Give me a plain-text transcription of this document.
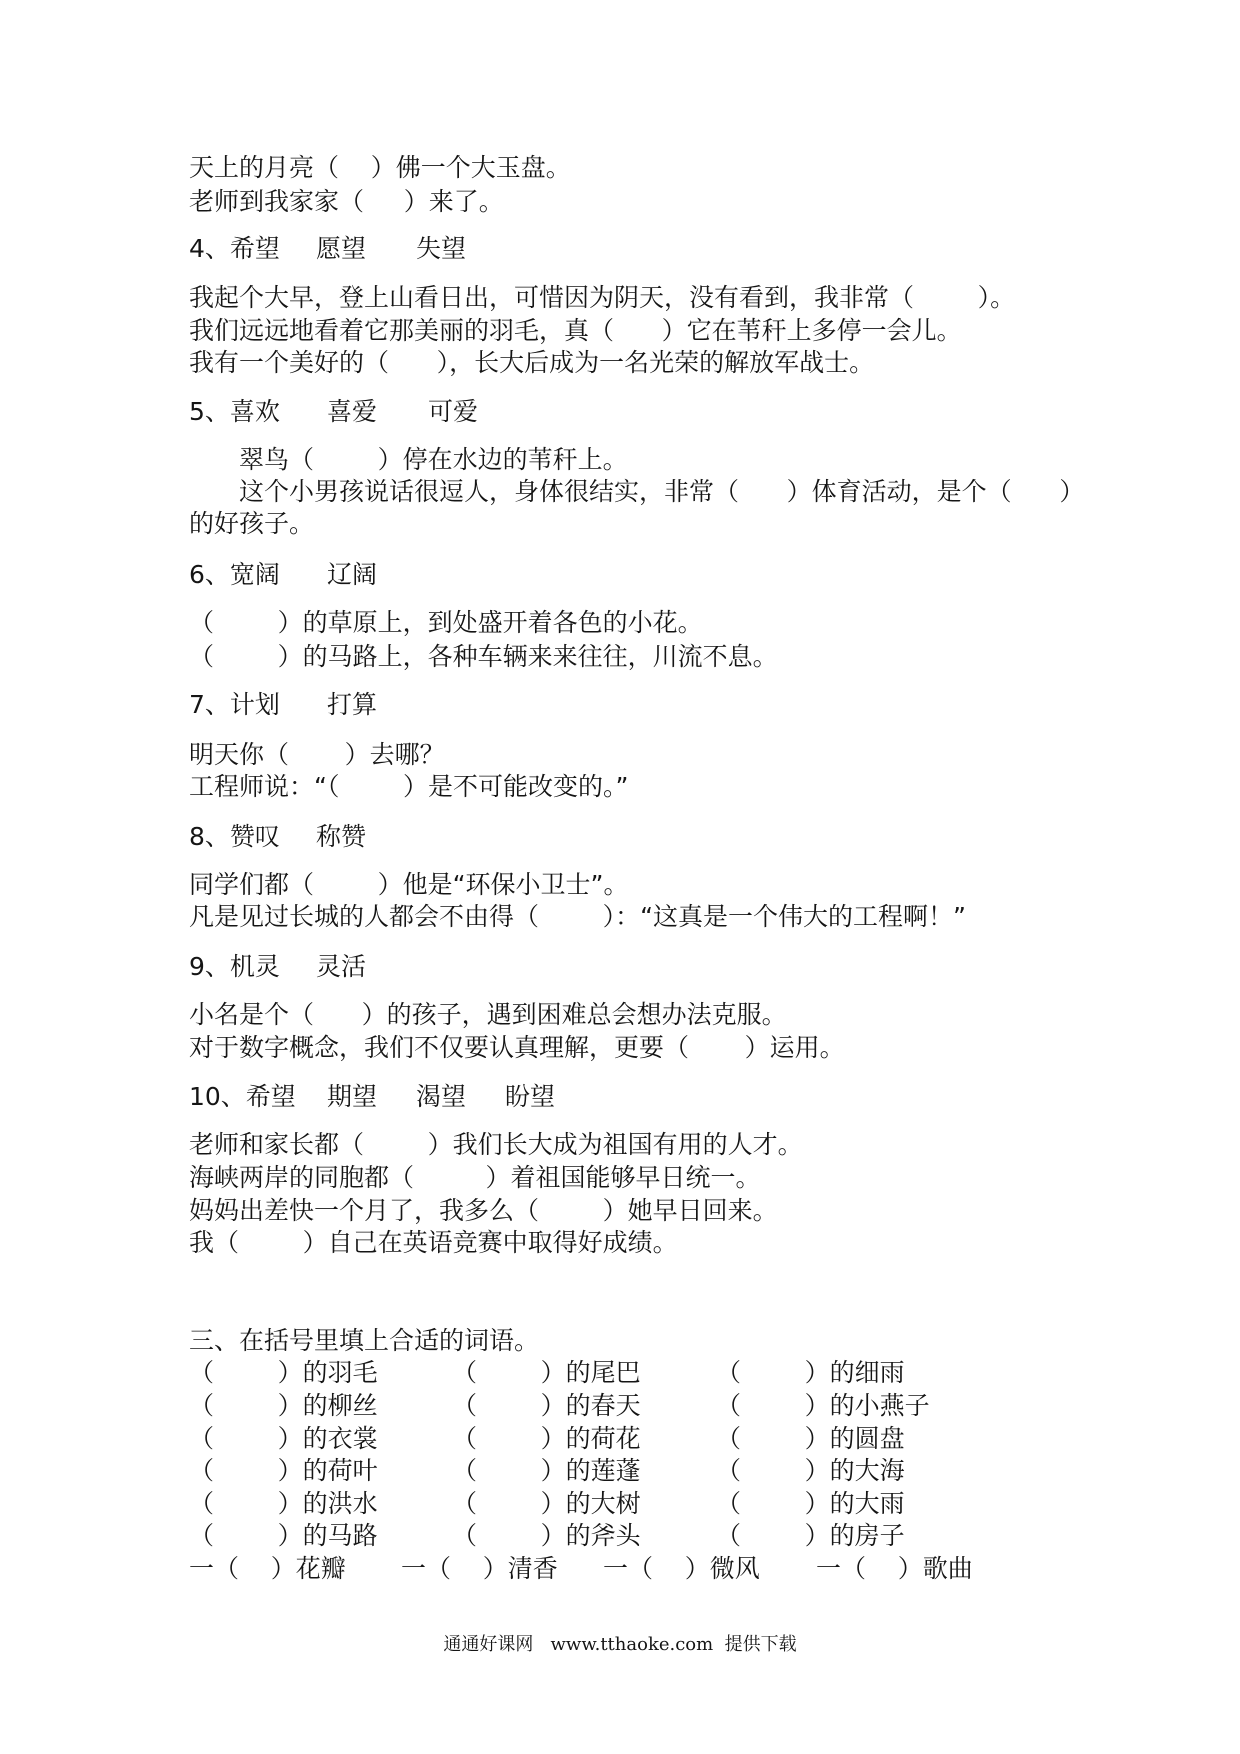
天上的月亮（    ）佛一个大玉盘。
老师到我家家（     ）来了。
4、希望 愿望 失望
我起个大早，登上山看日出，可惜因为阴天，没有看到，我非常（        ）。
我们远远地看着它那美丽的羽毛，真（      ）它在苇秆上多停一会儿。
我有一个美好的（      ），长大后成为一名光荣的解放军战士。
5、喜欢 喜爱 可爱
翠鸟（        ）停在水边的苇秆上。
这个小男孩说话很逗人，身体很结实，非常（      ）体育活动，是个（      ）
的好孩子。
6、宽阔 辽阔
（        ）的草原上，到处盛开着各色的小花。
（        ）的马路上，各种车辆来来往往，川流不息。
7、计划 打算
明天你（       ）去哪？
工程师说：“（        ）是不可能改变的。”
8、赞叹 称赞
同学们都（        ）他是“环保小卫士”。
凡是见过长城的人都会不由得（        ）：“这真是一个伟大的工程啊！”
9、机灵 灵活
小名是个（      ）的孩子，遇到困难总会想办法克服。
对于数字概念，我们不仅要认真理解，更要（       ）运用。
10、希望 期望 渴望 盼望
老师和家长都（        ）我们长大成为祖国有用的人才。
海峡两岸的同胞都（         ）着祖国能够早日统一。
妈妈出差快一个月了，我多么（        ）她早日回来。
我（        ）自己在英语竞赛中取得好成绩。
三、在括号里填上合适的词语。
（        ）的羽毛	（        ）的尾巴	（        ）的细雨
（        ）的柳丝	（        ）的春天	（        ）的小燕子
（        ）的衣裳	（        ）的荷花	（        ）的圆盘
（        ）的荷叶	（        ）的莲蓬	（        ）的大海
（        ）的洪水	（        ）的大树	（        ）的大雨
（        ）的马路	（        ）的斧头	（        ）的房子
一（    ）花瓣 一（    ）清香 一（    ）微风 一（    ）歌曲
通通好课网   www.tthaoke.com  提供下载
